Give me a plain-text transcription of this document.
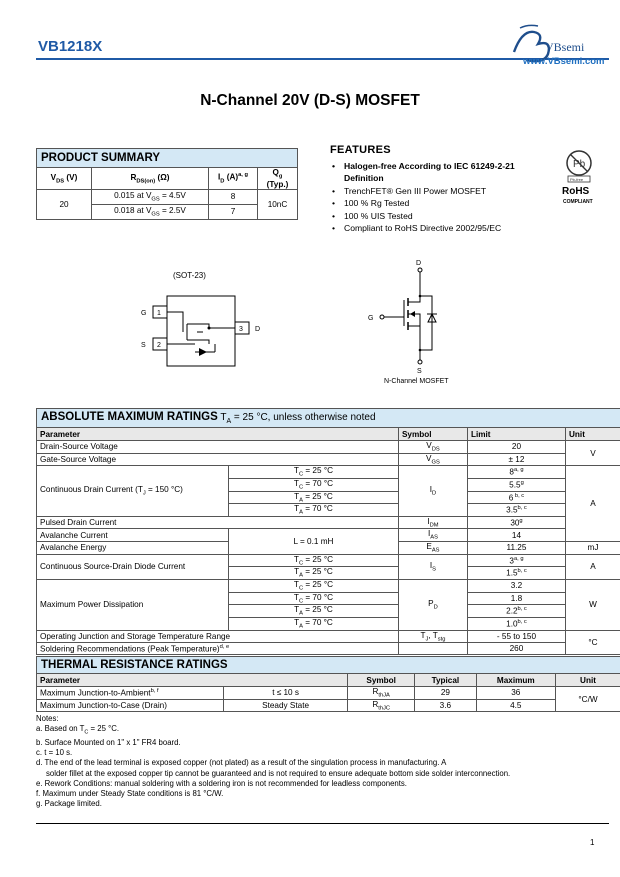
VB1218X	VBsemi
www.VBsemi.com
N-Channel 20V (D-S) MOSFET
PRODUCT SUMMARY			
$V_{DS}$ (V)	$R_{DS(on)}$ (Ω)	$I_D$ $(A)^{a, g}$	$Q_g$ (Typ.)
20	0.015 at $V_{GS} = 4.5V$	8	10nC
	0.018 at $V_{GS} = 2.5V$	7	
FEATURES
• Halogen-free According to IEC 61249-2-21 Definition
• TrenchFET® Gen III Power MOSFET
• 100 % Rg Tested
• 100 % UIS Tested
• Compliant to RoHS Directive 2002/95/EC
Pb
Pb-free
RoHS
COMPLIANT
(SOT-23)
1
2
3
G
S
D
D
G
S
N-Channel MOSFET
ABSOLUTE MAXIMUM RATINGS $T_A = 25$ °C, unless otherwise noted				
Parameter		Symbol	Limit	Unit
Drain-Source Voltage		$V_{DS}$	20	V
Gate-Source Voltage		$V_{GS}$	± 12	
Continuous Drain Current ($T_J = 150$ °C)	$T_C = 25$ °C	$I_D$	8$^{a, g}$	A
	$T_C = 70$ °C		5.5$^g$
	$T_A = 25$ °C		6 $^{b, c}$
	$T_A = 70$ °C		3.5$^{b, c}$
Pulsed Drain Current		$I_{DM}$	30$^g$
Avalanche Current	L = 0.1 mH	$I_{AS}$	14	
Avalanche Energy		$E_{AS}$	11.25	mJ
Continuous Source-Drain Diode Current	$T_C = 25$ °C	$I_S$	3$^{a, g}$	A
	$T_A = 25$ °C		1.5$^{b, c}$
Maximum Power Dissipation	$T_C = 25$ °C	$P_D$	3.2	W
	$T_C = 70$ °C		1.8	
	$T_A = 25$ °C		2.2$^{b, c}$
	$T_A = 70$ °C		1.0$^{b, c}$
Operating Junction and Storage Temperature Range		$T_J$, $T_{stg}$	- 55 to 150	°C
Soldering Recommendations (Peak Temperature)$^{d, e}$			260	
THERMAL RESISTANCE RATINGS					
Parameter		Symbol	Typical	Maximum	Unit
Maximum Junction-to-Ambient$^{b, f}$	t ≤ 10 s	$R_{thJA}$	29	36	°C/W
Maximum Junction-to-Case (Drain)	Steady State	$R_{thJC}$	3.6	4.5	
Notes:
a. Based on $T_C = 25$ °C.
b. Surface Mounted on 1" x 1" FR4 board.
c. t = 10 s.
d. The end of the lead terminal is exposed copper (not plated) as a result of the singulation process in manufacturing. A
solder fillet at the exposed copper tip cannot be guaranteed and is not required to ensure adequate bottom side solder interconnection.
e. Rework Conditions: manual soldering with a soldering iron is not recommended for leadless components.
f. Maximum under Steady State conditions is 81 °C/W.
g. Package limited.
1
